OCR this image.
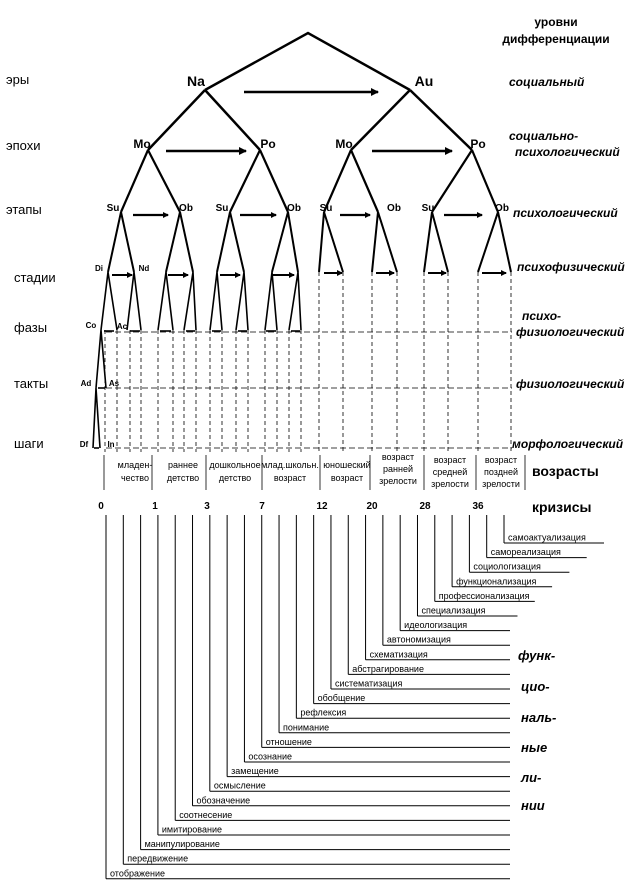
уровни
дифференциации
эры
эпохи
этапы
стадии
фазы
такты
шаги
социальный
социально-
психологический
психологический
психофизический
психо-
физиологический
физиологический
морфологический
Na	Au
Mo	Po	Mo	Po
Su	Ob Su	Ob Su	Ob Su	Ob
Di	Nd
Co	Ac
Ad As
Df In
младен-
чество
раннее
детство
дошкольное
детство
млад.школьн.
возраст
юношеский
возраст
возраст
ранней
зрелости
возраст
средней
зрелости
возраст
поздней
зрелости
возрасты
0	1	3	7	12	20	28	36	кризисы
самоактуализация
самореализация
социологизация
функционализация
профессионализация
специализация
идеологизация
автономизация
схематизация
абстрагирование
систематизация
обобщение
рефлексия
понимание
отношение
осознание
замещение
осмысление
обозначение
соотнесение
имитирование
манипулирование
передвижение
отображение
функ-
цио-
наль-
ные
ли-
нии
